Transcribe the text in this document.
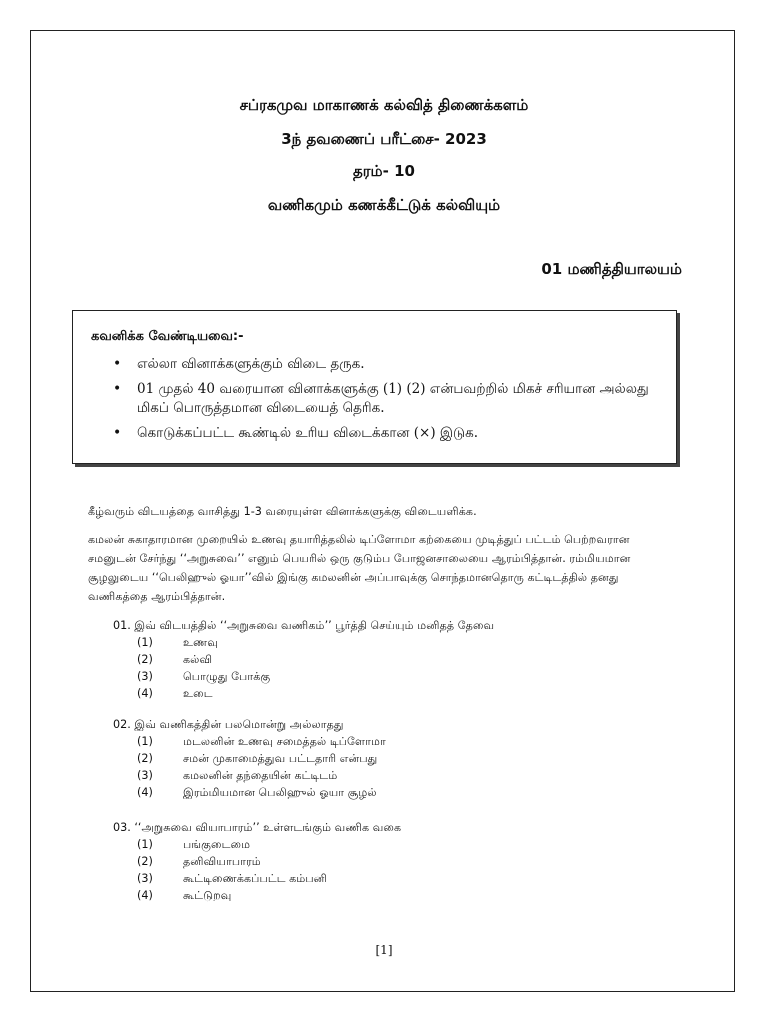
சப்ரகமுவ மாகாணக் கல்வித் திணைக்களம்
3ந் தவணைப் பரீட்சை- 2023
தரம்- 10
வணிகமும் கணக்கீட்டுக் கல்வியும்
01 மணித்தியாலயம்
கவனிக்க வேண்டியவை:-
• எல்லா வினாக்களுக்கும் விடை தருக.
• 01 முதல் 40 வரையான வினாக்களுக்கு (1) (2) என்பவற்றில் மிகச் சரியான அல்லது மிகப் பொருத்தமான விடையைத் தெரிக.
• கொடுக்கப்பட்ட கூண்டில் உரிய விடைக்கான (×) இடுக.
கீழ்வரும் விடயத்தை வாசித்து 1-3 வரையுள்ள வினாக்களுக்கு விடையளிக்க.
கமலன் சுகாதாரமான முறையில் உணவு தயாரித்தலில் டிப்ளோமா கற்கையை முடித்துப் பட்டம் பெற்றவரான சமனுடன் சேர்ந்து ‘‘அறுசுவை’’ எனும் பெயரில் ஒரு குடும்ப போஜனசாலையை ஆரம்பித்தான். ரம்மியமான சூழலுடைய ‘‘பெலிஹுல் ஓயா’’வில் இங்கு கமலனின் அப்பாவுக்கு சொந்தமானதொரு கட்டிடத்தில் தனது வணிகத்தை ஆரம்பித்தான்.
01. இவ் விடயத்தில் ‘‘அறுசுவை வணிகம்’’ பூர்த்தி செய்யும் மனிதத் தேவை
(1)	உணவு
(2)	கல்வி
(3)	பொழுது போக்கு
(4)	உடை
02. இவ் வணிகத்தின் பலமொன்று அல்லாதது
(1)	மடலனின் உணவு சமைத்தல் டிப்ளோமா
(2)	சமன் முகாமைத்துவ பட்டதாரி என்பது
(3)	கமலனின் தந்தையின் கட்டிடம்
(4)	இரம்மியமான பெலிஹுல் ஓயா சூழல்
03. ‘‘அறுசுவை வியாபாரம்’’ உள்ளடங்கும் வணிக வகை
(1)	பங்குடைமை
(2)	தனிவியாபாரம்
(3)	கூட்டிணைக்கப்பட்ட கம்பனி
(4)	கூட்டுறவு
[1]
